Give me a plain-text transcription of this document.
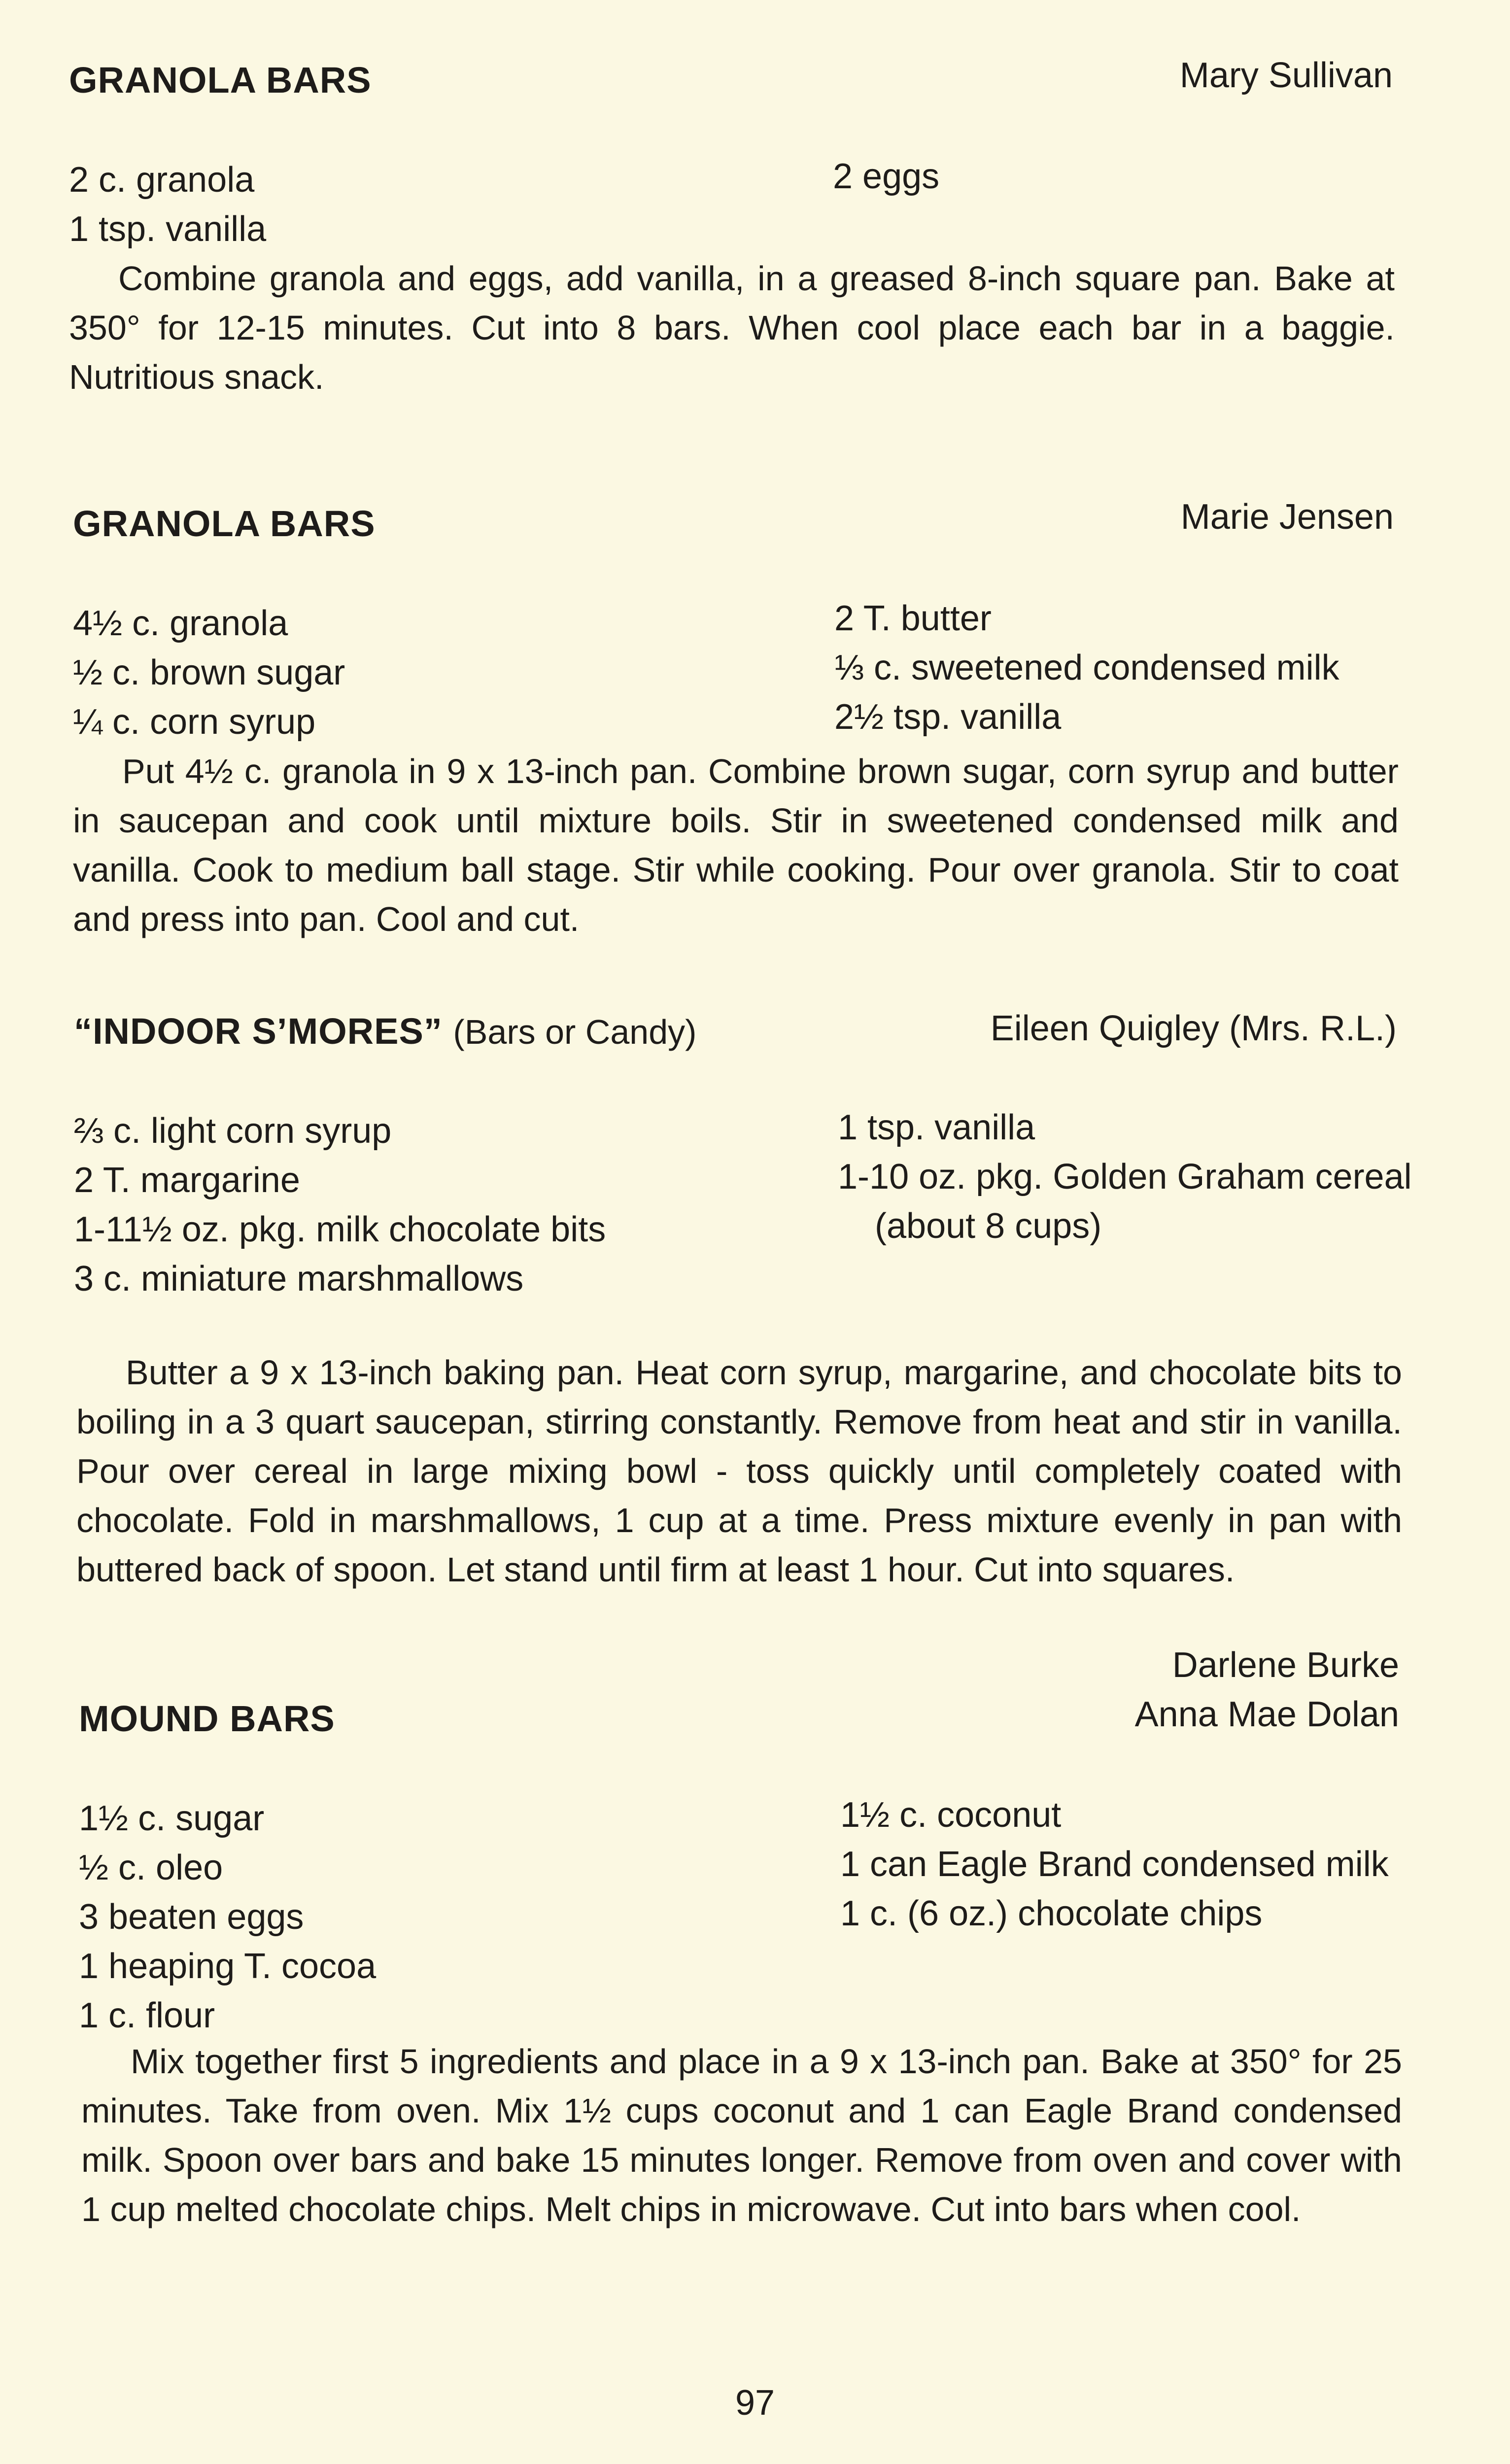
GRANOLA BARS	Mary Sullivan
2 c. granola
1 tsp. vanilla
2 eggs
Combine granola and eggs, add vanilla, in a greased 8-inch square pan. Bake at 350° for 12-15 minutes. Cut into 8 bars. When cool place each bar in a baggie. Nutritious snack.
GRANOLA BARS	Marie Jensen
4½ c. granola
½ c. brown sugar
¼ c. corn syrup
2 T. butter
⅓ c. sweetened condensed milk
2½ tsp. vanilla
Put 4½ c. granola in 9 x 13-inch pan. Combine brown sugar, corn syrup and butter in saucepan and cook until mixture boils. Stir in sweetened condensed milk and vanilla. Cook to medium ball stage. Stir while cooking. Pour over granola. Stir to coat and press into pan. Cool and cut.
“INDOOR S’MORES” (Bars or Candy)	Eileen Quigley (Mrs. R.L.)
⅔ c. light corn syrup
2 T. margarine
1-11½ oz. pkg. milk chocolate bits
3 c. miniature marshmallows
1 tsp. vanilla
1-10 oz. pkg. Golden Graham cereal
(about 8 cups)
Butter a 9 x 13-inch baking pan. Heat corn syrup, margarine, and chocolate bits to boiling in a 3 quart saucepan, stirring constantly. Remove from heat and stir in vanilla. Pour over cereal in large mixing bowl - toss quickly until completely coated with chocolate. Fold in marshmallows, 1 cup at a time. Press mixture evenly in pan with buttered back of spoon. Let stand until firm at least 1 hour. Cut into squares.
Darlene Burke
Anna Mae Dolan
MOUND BARS
1½ c. sugar
½ c. oleo
3 beaten eggs
1 heaping T. cocoa
1 c. flour
1½ c. coconut
1 can Eagle Brand condensed milk
1 c. (6 oz.) chocolate chips
Mix together first 5 ingredients and place in a 9 x 13-inch pan. Bake at 350° for 25 minutes. Take from oven. Mix 1½ cups coconut and 1 can Eagle Brand condensed milk. Spoon over bars and bake 15 minutes longer. Remove from oven and cover with 1 cup melted chocolate chips. Melt chips in microwave. Cut into bars when cool.
97
